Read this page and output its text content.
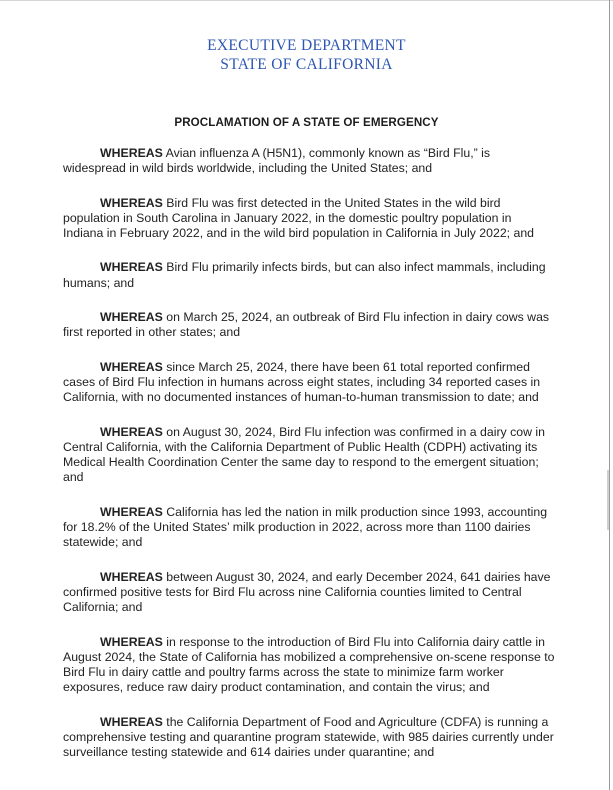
EXECUTIVE DEPARTMENT
STATE OF CALIFORNIA
PROCLAMATION OF A STATE OF EMERGENCY

WHEREAS Avian influenza A (H5N1), commonly known as “Bird Flu,” is widespread in wild birds worldwide, including the United States; and

WHEREAS Bird Flu was first detected in the United States in the wild bird population in South Carolina in January 2022, in the domestic poultry population in Indiana in February 2022, and in the wild bird population in California in July 2022; and

WHEREAS Bird Flu primarily infects birds, but can also infect mammals, including humans; and

WHEREAS on March 25, 2024, an outbreak of Bird Flu infection in dairy cows was first reported in other states; and

WHEREAS since March 25, 2024, there have been 61 total reported confirmed cases of Bird Flu infection in humans across eight states, including 34 reported cases in California, with no documented instances of human-to-human transmission to date; and

WHEREAS on August 30, 2024, Bird Flu infection was confirmed in a dairy cow in Central California, with the California Department of Public Health (CDPH) activating its Medical Health Coordination Center the same day to respond to the emergent situation; and

WHEREAS California has led the nation in milk production since 1993, accounting for 18.2% of the United States’ milk production in 2022, across more than 1100 dairies statewide; and

WHEREAS between August 30, 2024, and early December 2024, 641 dairies have confirmed positive tests for Bird Flu across nine California counties limited to Central California; and

WHEREAS in response to the introduction of Bird Flu into California dairy cattle in August 2024, the State of California has mobilized a comprehensive on-scene response to Bird Flu in dairy cattle and poultry farms across the state to minimize farm worker exposures, reduce raw dairy product contamination, and contain the virus; and

WHEREAS the California Department of Food and Agriculture (CDFA) is running a comprehensive testing and quarantine program statewide, with 985 dairies currently under surveillance testing statewide and 614 dairies under quarantine; and
